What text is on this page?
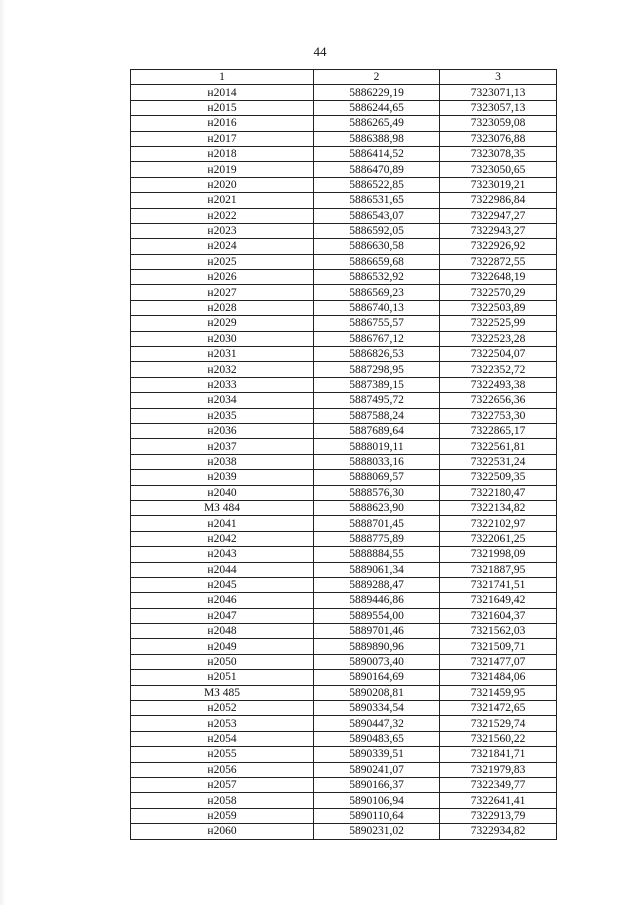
44
1	2	3
н2014	5886229,19	7323071,13
н2015	5886244,65	7323057,13
н2016	5886265,49	7323059,08
н2017	5886388,98	7323076,88
н2018	5886414,52	7323078,35
н2019	5886470,89	7323050,65
н2020	5886522,85	7323019,21
н2021	5886531,65	7322986,84
н2022	5886543,07	7322947,27
н2023	5886592,05	7322943,27
н2024	5886630,58	7322926,92
н2025	5886659,68	7322872,55
н2026	5886532,92	7322648,19
н2027	5886569,23	7322570,29
н2028	5886740,13	7322503,89
н2029	5886755,57	7322525,99
н2030	5886767,12	7322523,28
н2031	5886826,53	7322504,07
н2032	5887298,95	7322352,72
н2033	5887389,15	7322493,38
н2034	5887495,72	7322656,36
н2035	5887588,24	7322753,30
н2036	5887689,64	7322865,17
н2037	5888019,11	7322561,81
н2038	5888033,16	7322531,24
н2039	5888069,57	7322509,35
н2040	5888576,30	7322180,47
МЗ 484	5888623,90	7322134,82
н2041	5888701,45	7322102,97
н2042	5888775,89	7322061,25
н2043	5888884,55	7321998,09
н2044	5889061,34	7321887,95
н2045	5889288,47	7321741,51
н2046	5889446,86	7321649,42
н2047	5889554,00	7321604,37
н2048	5889701,46	7321562,03
н2049	5889890,96	7321509,71
н2050	5890073,40	7321477,07
н2051	5890164,69	7321484,06
МЗ 485	5890208,81	7321459,95
н2052	5890334,54	7321472,65
н2053	5890447,32	7321529,74
н2054	5890483,65	7321560,22
н2055	5890339,51	7321841,71
н2056	5890241,07	7321979,83
н2057	5890166,37	7322349,77
н2058	5890106,94	7322641,41
н2059	5890110,64	7322913,79
н2060	5890231,02	7322934,82
